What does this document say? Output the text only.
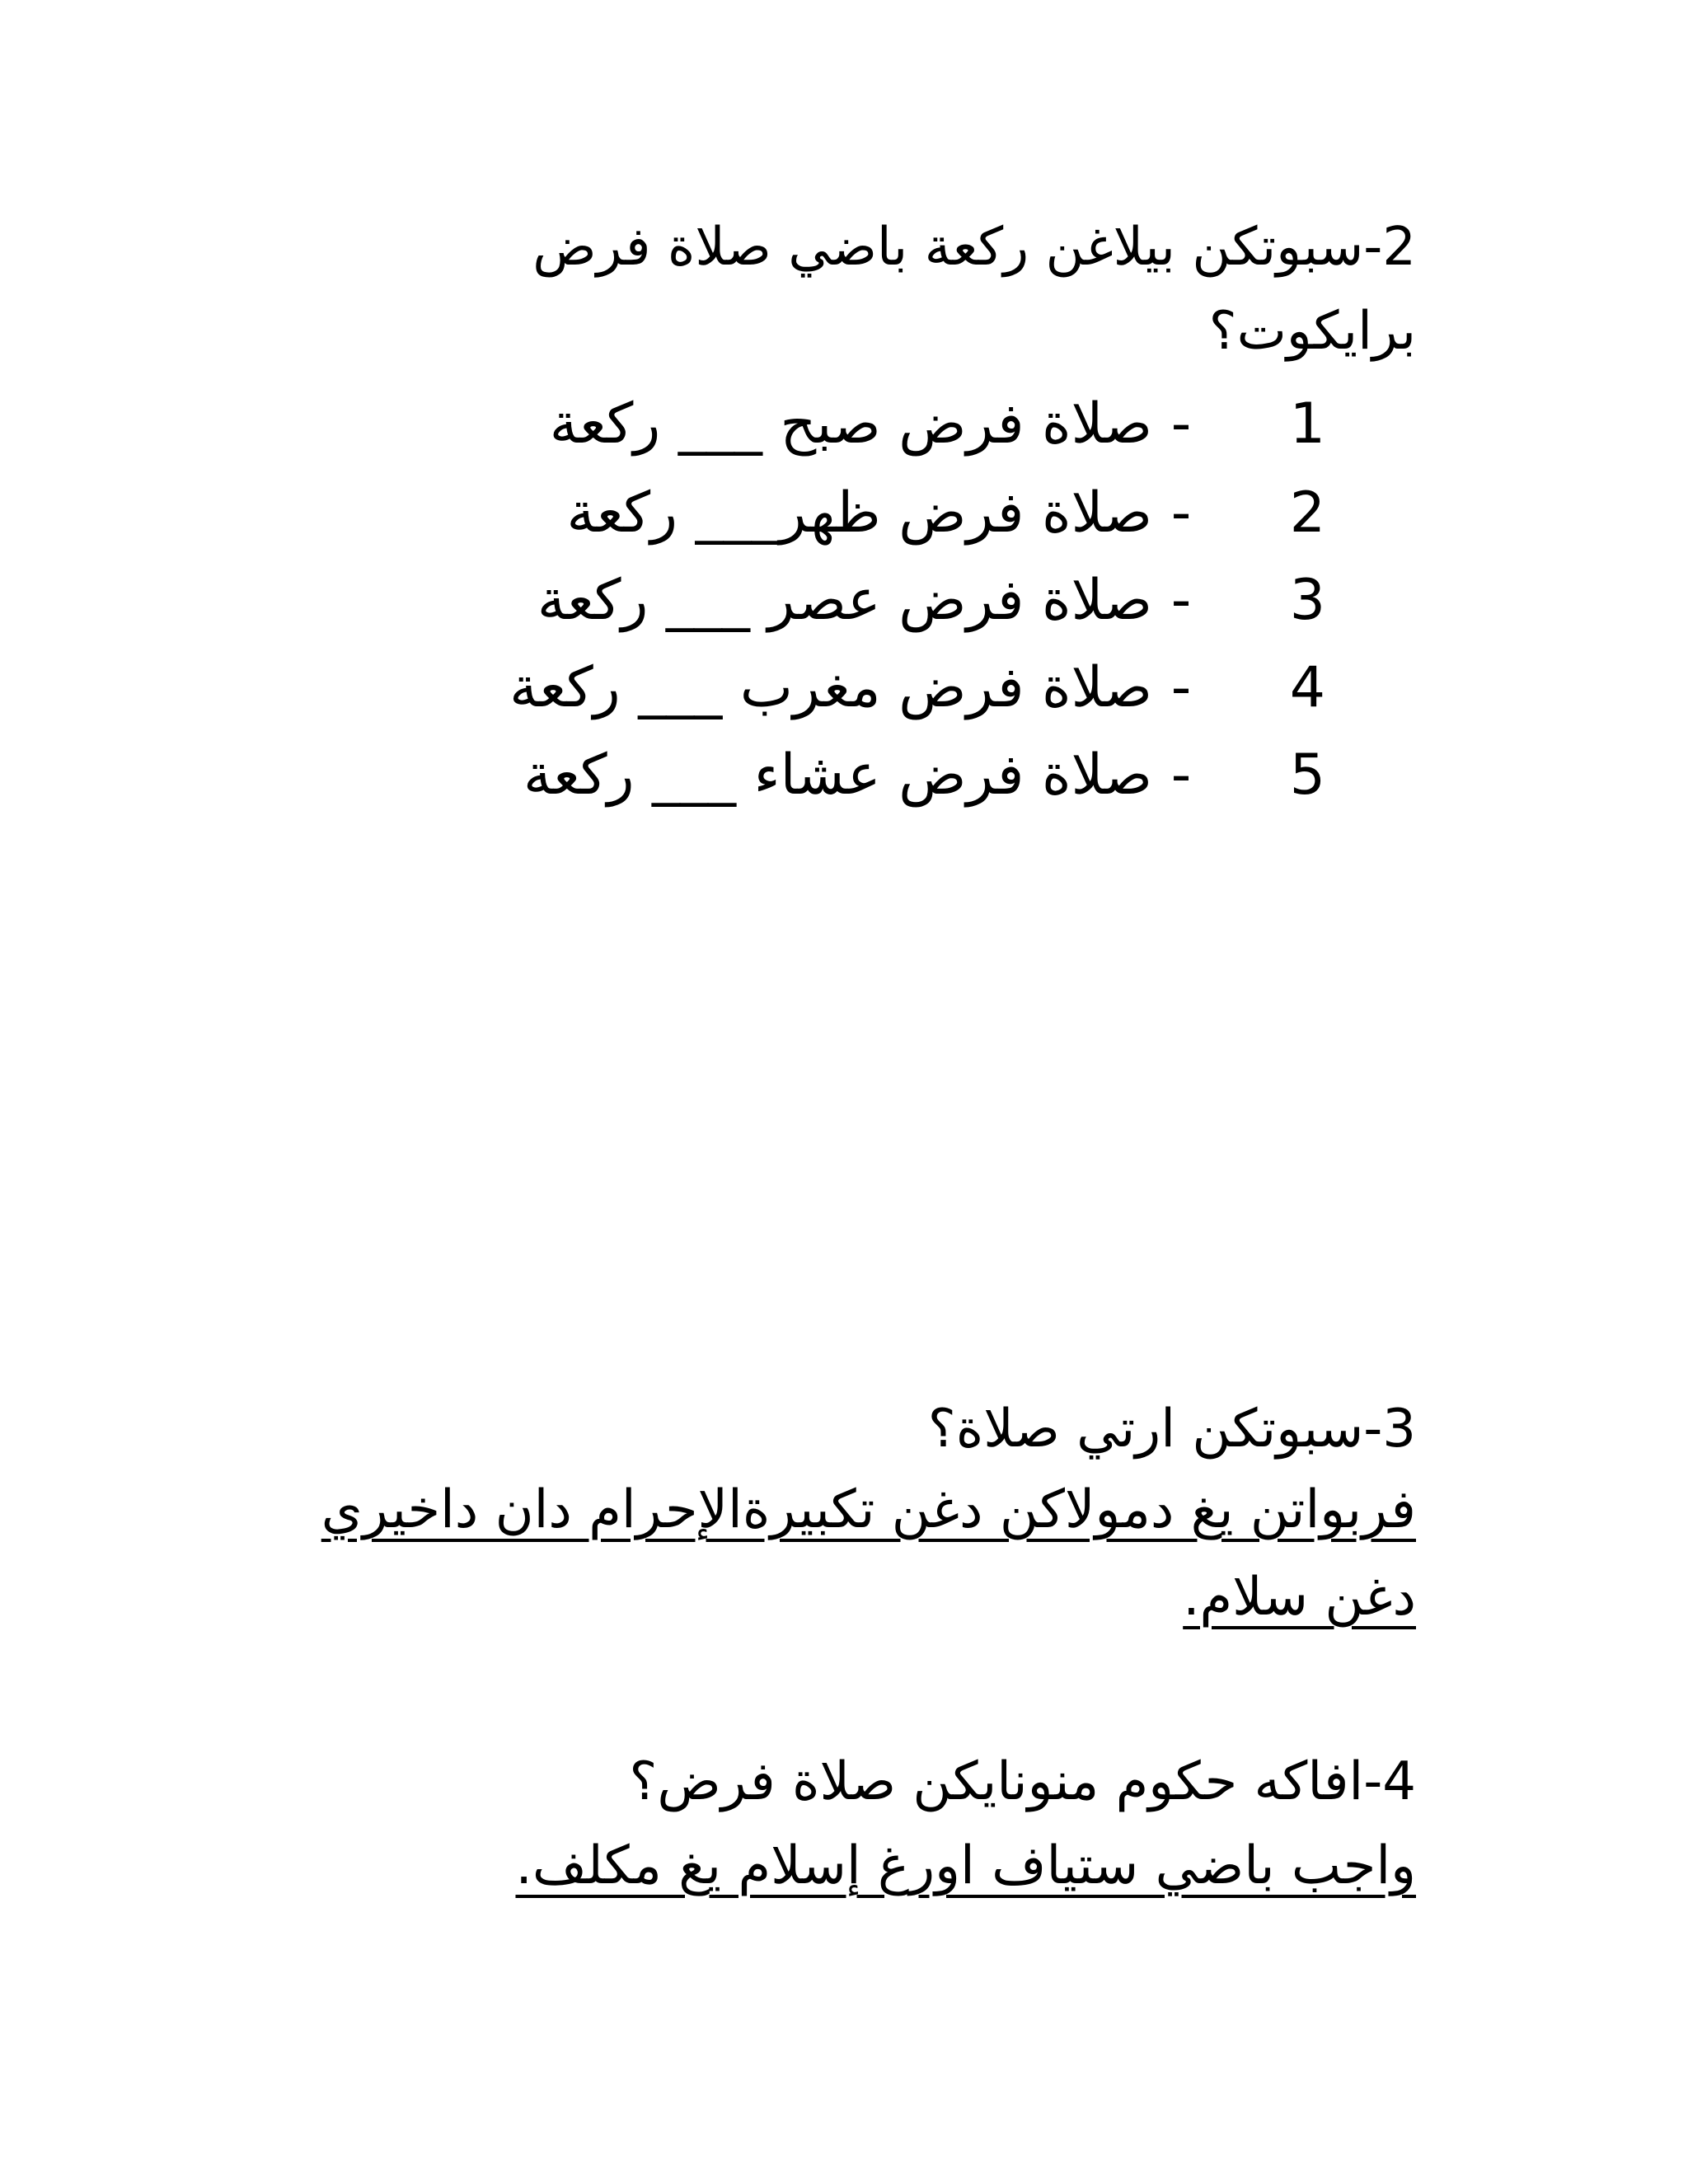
2-سبوتكن بيلاغن ركعة باضي صلاة فرض
برايكوت؟
صلاة فرض صبح ___ ركعة - 1
صلاة فرض ظهر___ ركعة - 2
صلاة فرض عصر ___ ركعة - 3
صلاة فرض مغرب ___ ركعة - 4
صلاة فرض عشاء ___ ركعة - 5
3-سبوتكن ارتي صلاة؟
فربواتن يغ دمولاكن دغن تكبيرةالإحرام دان داخيري
دغن سلام.
4-افاكه حكوم منونايكن صلاة فرض؟
واجب باضي ستياف اورغ إسلام يغ مكلف.
